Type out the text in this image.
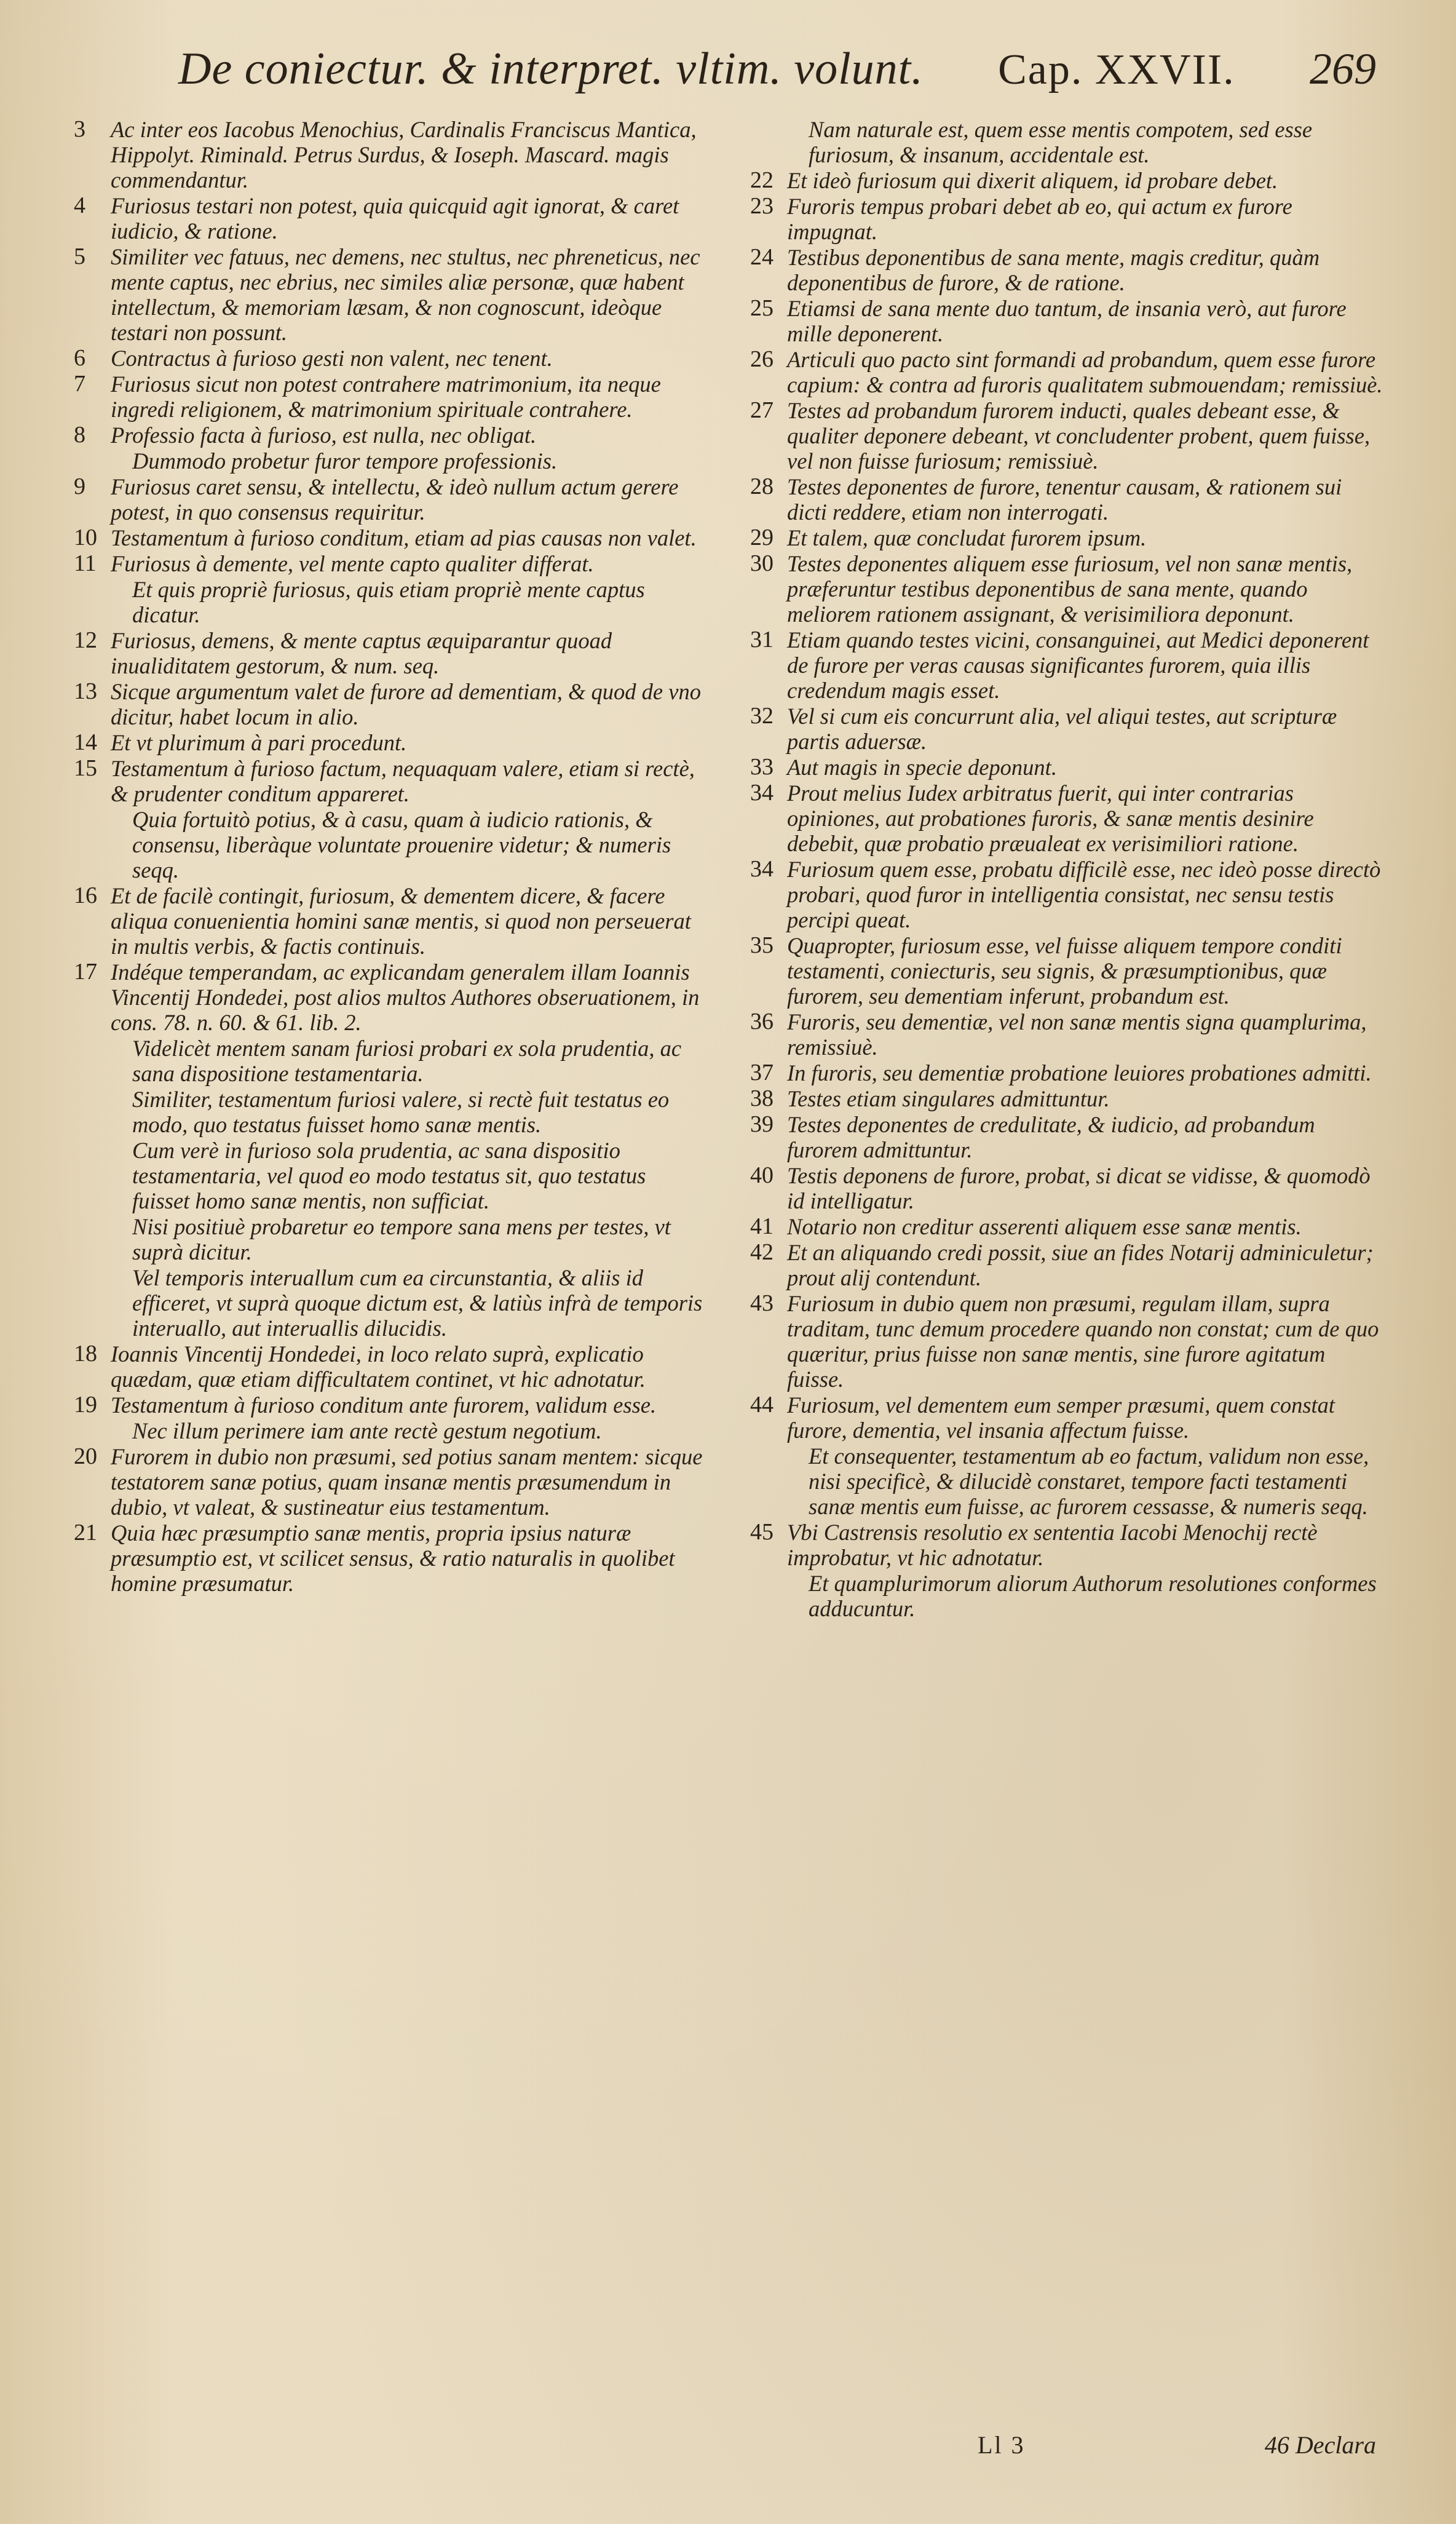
De coniectur. & interpret. vltim. volunt. Cap. XXVII. 269
3	Ac inter eos Iacobus Menochius, Cardinalis Franciscus Mantica, Hippolyt. Riminald. Petrus Surdus, & Ioseph. Mascard. magis commendantur.
4	Furiosus testari non potest, quia quicquid agit ignorat, & caret iudicio, & ratione.
5	Similiter vec fatuus, nec demens, nec stultus, nec phreneticus, nec mente captus, nec ebrius, nec similes aliæ personæ, quæ habent intellectum, & memoriam læsam, & non cognoscunt, ideòque testari non possunt.
6	Contractus à furioso gesti non valent, nec tenent.
7	Furiosus sicut non potest contrahere matrimonium, ita neque ingredi religionem, & matrimonium spirituale contrahere.
8	Professio facta à furioso, est nulla, nec obligat.
Dummodo probetur furor tempore professionis.
9	Furiosus caret sensu, & intellectu, & ideò nullum actum gerere potest, in quo consensus requiritur.
10 Testamentum à furioso conditum, etiam ad pias causas non valet.
11 Furiosus à demente, vel mente capto qualiter differat.
Et quis propriè furiosus, quis etiam propriè mente captus dicatur.
12 Furiosus, demens, & mente captus æquiparantur quoad inualiditatem gestorum, & num. seq.
13 Sicque argumentum valet de furore ad dementiam, & quod de vno dicitur, habet locum in alio.
14 Et vt plurimum à pari procedunt.
15 Testamentum à furioso factum, nequaquam valere, etiam si rectè, & prudenter conditum appareret.
Quia fortuitò potius, & à casu, quam à iudicio rationis, & consensu, liberàque voluntate prouenire videtur; & numeris seqq.
16 Et de facilè contingit, furiosum, & dementem dicere, & facere aliqua conuenientia homini sanæ mentis, si quod non perseuerat in multis verbis, & factis continuis.
17 Indéque temperandam, ac explicandam generalem illam Ioannis Vincentij Hondedei, post alios multos Authores obseruationem, in cons. 78. n. 60. & 61. lib. 2.
Videlicèt mentem sanam furiosi probari ex sola prudentia, ac sana dispositione testamentaria.
Similiter, testamentum furiosi valere, si rectè fuit testatus eo modo, quo testatus fuisset homo sanæ mentis.
Cum verè in furioso sola prudentia, ac sana dispositio testamentaria, vel quod eo modo testatus sit, quo testatus fuisset homo sanæ mentis, non sufficiat.
Nisi positiuè probaretur eo tempore sana mens per testes, vt suprà dicitur.
Vel temporis interuallum cum ea circunstantia, & aliis id efficeret, vt suprà quoque dictum est, & latiùs infrà de temporis interuallo, aut interuallis dilucidis.
18 Ioannis Vincentij Hondedei, in loco relato suprà, explicatio quædam, quæ etiam difficultatem continet, vt hic adnotatur.
19 Testamentum à furioso conditum ante furorem, validum esse.
Nec illum perimere iam ante rectè gestum negotium.
20 Furorem in dubio non præsumi, sed potius sanam mentem: sicque testatorem sanæ potius, quam insanæ mentis præsumendum in dubio, vt valeat, & sustineatur eius testamentum.
21 Quia hæc præsumptio sanæ mentis, propria ipsius naturæ præsumptio est, vt scilicet sensus, & ratio naturalis in quolibet homine præsumatur.
Nam naturale est, quem esse mentis compotem, sed esse furiosum, & insanum, accidentale est.
22 Et ideò furiosum qui dixerit aliquem, id probare debet.
23 Furoris tempus probari debet ab eo, qui actum ex furore impugnat.
24 Testibus deponentibus de sana mente, magis creditur, quàm deponentibus de furore, & de ratione.
25 Etiamsi de sana mente duo tantum, de insania verò, aut furore mille deponerent.
26 Articuli quo pacto sint formandi ad probandum, quem esse furore capium: & contra ad furoris qualitatem submouendam; remissiuè.
27 Testes ad probandum furorem inducti, quales debeant esse, & qualiter deponere debeant, vt concludenter probent, quem fuisse, vel non fuisse furiosum; remissiuè.
28 Testes deponentes de furore, tenentur causam, & rationem sui dicti reddere, etiam non interrogati.
29 Et talem, quæ concludat furorem ipsum.
30 Testes deponentes aliquem esse furiosum, vel non sanæ mentis, præferuntur testibus deponentibus de sana mente, quando meliorem rationem assignant, & verisimiliora deponunt.
31 Etiam quando testes vicini, consanguinei, aut Medici deponerent de furore per veras causas significantes furorem, quia illis credendum magis esset.
32 Vel si cum eis concurrunt alia, vel aliqui testes, aut scripturæ partis aduersæ.
33 Aut magis in specie deponunt.
34 Prout melius Iudex arbitratus fuerit, qui inter contrarias opiniones, aut probationes furoris, & sanæ mentis desinire debebit, quæ probatio præualeat ex verisimiliori ratione.
34 Furiosum quem esse, probatu difficilè esse, nec ideò posse directò probari, quod furor in intelligentia consistat, nec sensu testis percipi queat.
35 Quapropter, furiosum esse, vel fuisse aliquem tempore conditi testamenti, coniecturis, seu signis, & præsumptionibus, quæ furorem, seu dementiam inferunt, probandum est.
36 Furoris, seu dementiæ, vel non sanæ mentis signa quamplurima, remissiuè.
37 In furoris, seu dementiæ probatione leuiores probationes admitti.
38 Testes etiam singulares admittuntur.
39 Testes deponentes de credulitate, & iudicio, ad probandum furorem admittuntur.
40 Testis deponens de furore, probat, si dicat se vidisse, & quomodò id intelligatur.
41 Notario non creditur asserenti aliquem esse sanæ mentis.
42 Et an aliquando credi possit, siue an fides Notarij adminiculetur; prout alij contendunt.
43 Furiosum in dubio quem non præsumi, regulam illam, supra traditam, tunc demum procedere quando non constat; cum de quo quæritur, prius fuisse non sanæ mentis, sine furore agitatum fuisse.
44 Furiosum, vel dementem eum semper præsumi, quem constat furore, dementia, vel insania affectum fuisse.
Et consequenter, testamentum ab eo factum, validum non esse, nisi specificè, & dilucidè constaret, tempore facti testamenti sanæ mentis eum fuisse, ac furorem cessasse, & numeris seqq.
45 Vbi Castrensis resolutio ex sententia Iacobi Menochij rectè improbatur, vt hic adnotatur.
Et quamplurimorum aliorum Authorum resolutiones conformes adducuntur.
Ll 3	46 Declara
